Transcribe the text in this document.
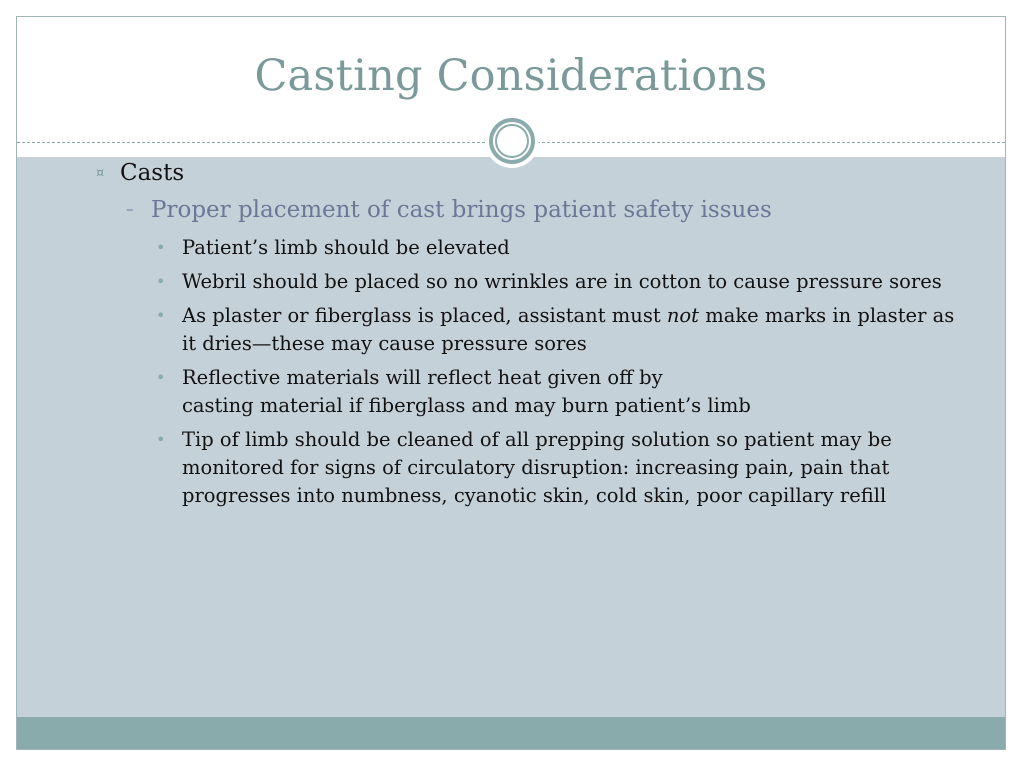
Casting Considerations
¤ Casts
– Proper placement of cast brings patient safety issues
• Patient’s limb should be elevated
• Webril should be placed so no wrinkles are in cotton to cause pressure sores
• As plaster or fiberglass is placed, assistant must not make marks in plaster as it dries—these may cause pressure sores
• Reflective materials will reflect heat given off by
casting material if fiberglass and may burn patient’s limb
• Tip of limb should be cleaned of all prepping solution so patient may be monitored for signs of circulatory disruption: increasing pain, pain that progresses into numbness, cyanotic skin, cold skin, poor capillary refill
